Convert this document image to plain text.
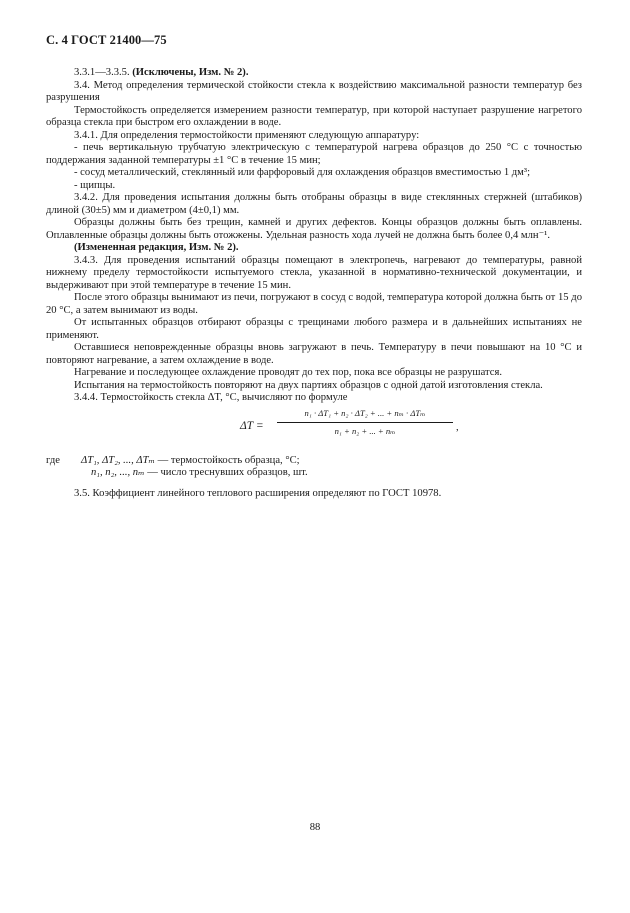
С. 4 ГОСТ 21400—75

3.3.1—3.3.5. (Исключены, Изм. № 2).

3.4. Метод определения термической стойкости стекла к воздействию максимальной разности температур без разрушения

Термостойкость определяется измерением разности температур, при которой наступает разрушение нагретого образца стекла при быстром его охлаждении в воде.

3.4.1. Для определения термостойкости применяют следующую аппаратуру:

- печь вертикальную трубчатую электрическую с температурой нагрева образцов до 250 °С с точностью поддержания заданной температуры ±1 °С в течение 15 мин;

- сосуд металлический, стеклянный или фарфоровый для охлаждения образцов вместимостью 1 дм³;

- щипцы.

3.4.2. Для проведения испытания должны быть отобраны образцы в виде стеклянных стержней (штабиков) длиной (30±5) мм и диаметром (4±0,1) мм.

Образцы должны быть без трещин, камней и других дефектов. Концы образцов должны быть оплавлены. Оплавленные образцы должны быть отожжены. Удельная разность хода лучей не должна быть более 0,4 млн⁻¹.

(Измененная редакция, Изм. № 2).

3.4.3. Для проведения испытаний образцы помещают в электропечь, нагревают до температуры, равной нижнему пределу термостойкости испытуемого стекла, указанной в нормативно-технической документации, и выдерживают при этой температуре в течение 15 мин.

После этого образцы вынимают из печи, погружают в сосуд с водой, температура которой должна быть от 15 до 20 °С, а затем вынимают из воды.

От испытанных образцов отбирают образцы с трещинами любого размера и в дальнейших испытаниях не применяют.

Оставшиеся неповрежденные образцы вновь загружают в печь. Температуру в печи повышают на 10 °С и повторяют нагревание, а затем охлаждение в воде.

Нагревание и последующее охлаждение проводят до тех пор, пока все образцы не разрушатся.

Испытания на термостойкость повторяют на двух партиях образцов с одной датой изготовления стекла.

3.4.4. Термостойкость стекла ΔT, °С, вычисляют по формуле

ΔT =
n₁ · ΔT₁ + n₂ · ΔT₂ + ... + nₘ · ΔTₘ
n₁ + n₂ + ... + nₘ	,
где	ΔT₁, ΔT₂, ..., ΔTₘ — термостойкость образца, °С;
n₁, n₂, ..., nₘ — число треснувших образцов, шт.

3.5. Коэффициент линейного теплового расширения определяют по ГОСТ 10978.

88
